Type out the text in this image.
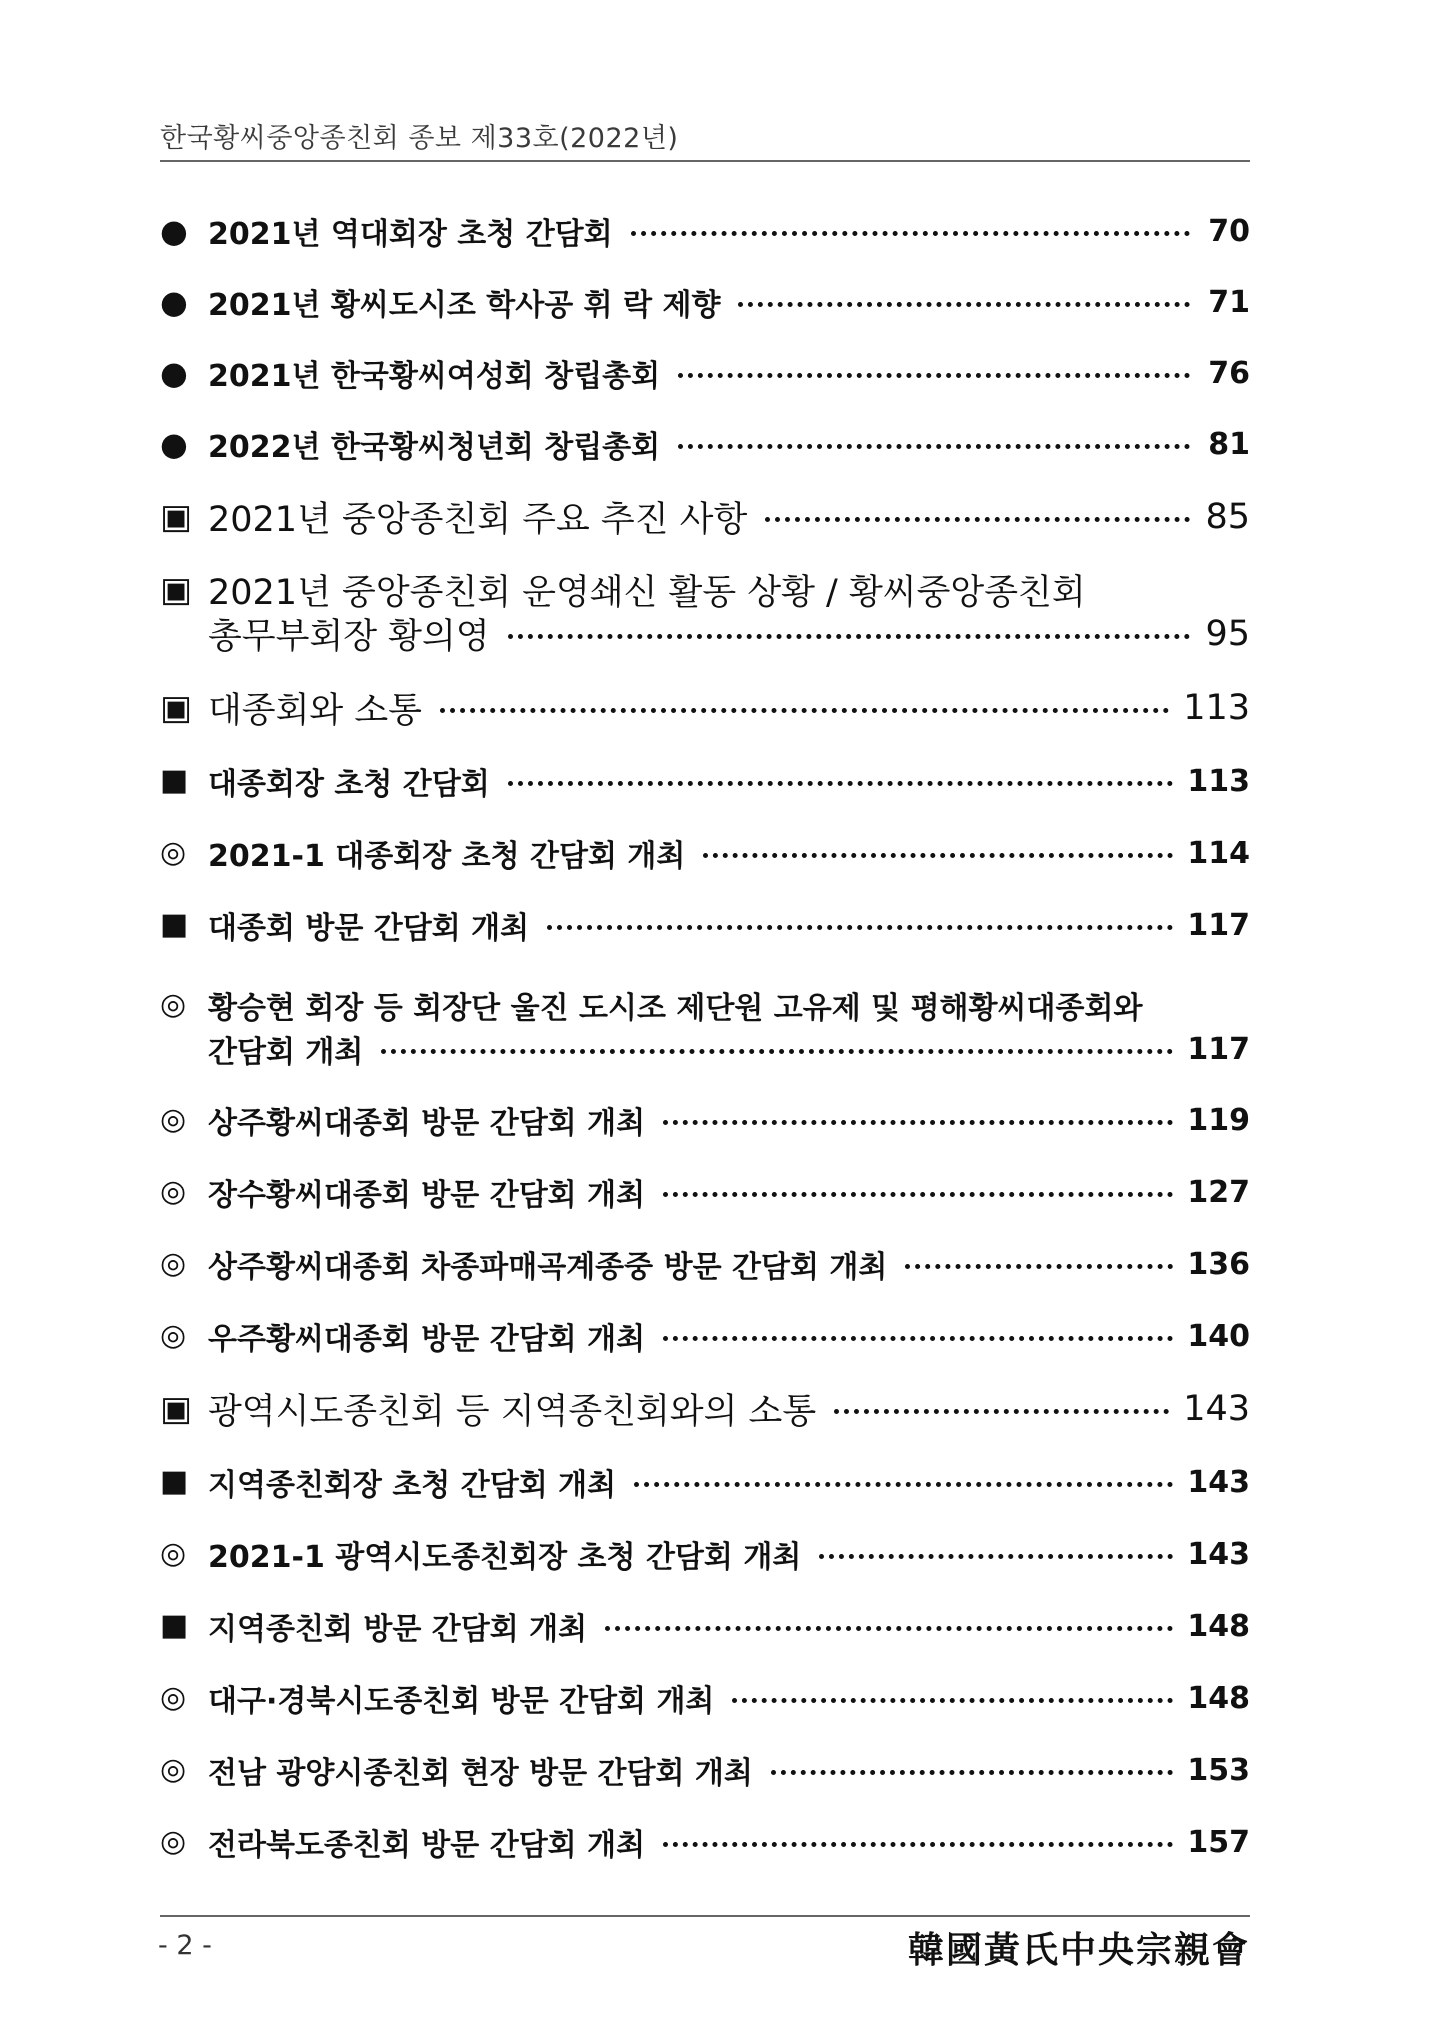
한국황씨중앙종친회 종보 제33호(2022년)
● 2021년 역대회장 초청 간담회	70
● 2021년 황씨도시조 학사공 휘 락 제향	71
● 2021년 한국황씨여성회 창립총회	76
● 2022년 한국황씨청년회 창립총회	81
▣ 2021년 중앙종친회 주요 추진 사항	85
▣ 2021년 중앙종친회 운영쇄신 활동 상황 / 황씨중앙종친회
총무부회장 황의영	95
▣ 대종회와 소통	113
■ 대종회장 초청 간담회	113
◎ 2021-1 대종회장 초청 간담회 개최	114
■ 대종회 방문 간담회 개최	117
◎ 황승현 회장 등 회장단 울진 도시조 제단원 고유제 및 평해황씨대종회와
간담회 개최	117
◎ 상주황씨대종회 방문 간담회 개최	119
◎ 장수황씨대종회 방문 간담회 개최	127
◎ 상주황씨대종회 차종파매곡계종중 방문 간담회 개최	136
◎ 우주황씨대종회 방문 간담회 개최	140
▣ 광역시도종친회 등 지역종친회와의 소통	143
■ 지역종친회장 초청 간담회 개최	143
◎ 2021-1 광역시도종친회장 초청 간담회 개최	143
■ 지역종친회 방문 간담회 개최	148
◎ 대구·경북시도종친회 방문 간담회 개최	148
◎ 전남 광양시종친회 현장 방문 간담회 개최	153
◎ 전라북도종친회 방문 간담회 개최	157
- 2 -	韓國黃氏中央宗親會
